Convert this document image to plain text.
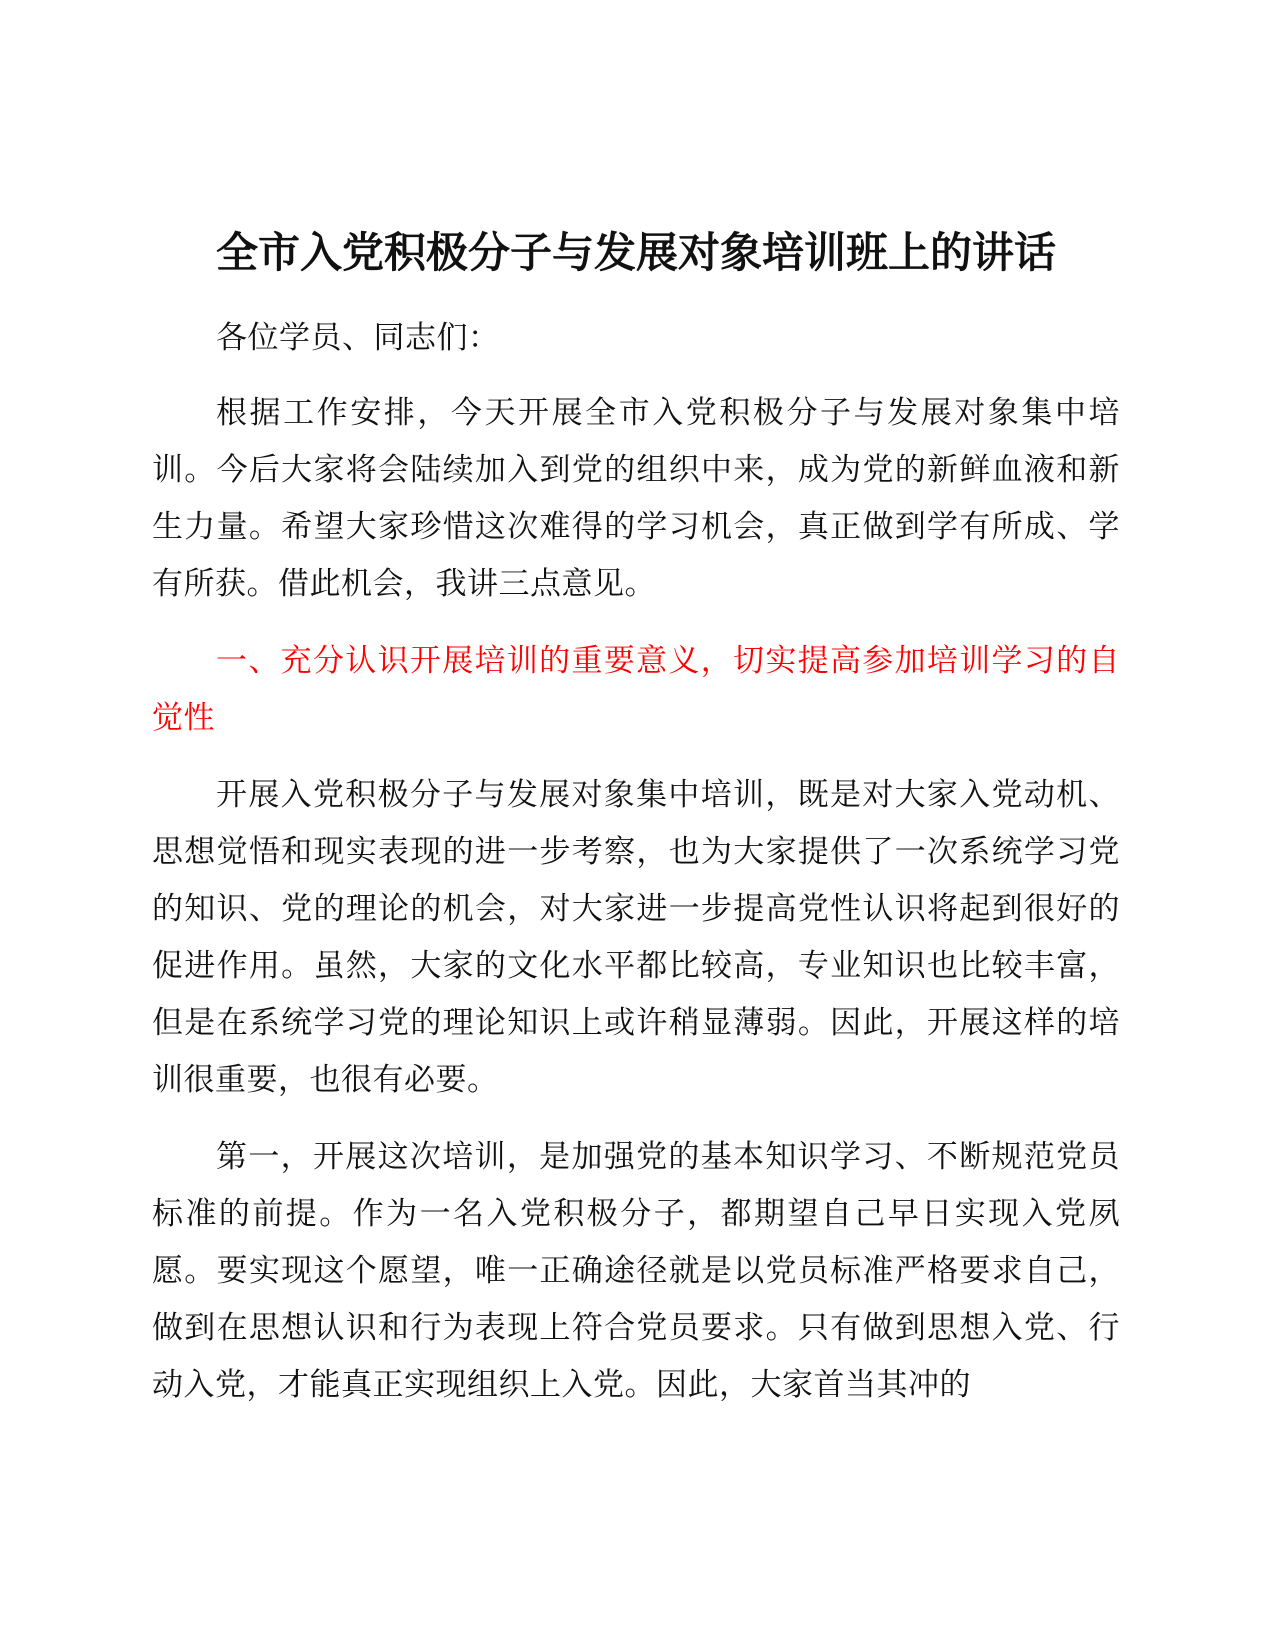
全市入党积极分子与发展对象培训班上的讲话

各位学员、同志们：

根据工作安排，今天开展全市入党积极分子与发展对象集中培训。今后大家将会陆续加入到党的组织中来，成为党的新鲜血液和新生力量。希望大家珍惜这次难得的学习机会，真正做到学有所成、学有所获。借此机会，我讲三点意见。

一、充分认识开展培训的重要意义，切实提高参加培训学习的自觉性

开展入党积极分子与发展对象集中培训，既是对大家入党动机、思想觉悟和现实表现的进一步考察，也为大家提供了一次系统学习党的知识、党的理论的机会，对大家进一步提高党性认识将起到很好的促进作用。虽然，大家的文化水平都比较高，专业知识也比较丰富，但是在系统学习党的理论知识上或许稍显薄弱。因此，开展这样的培训很重要，也很有必要。

第一，开展这次培训，是加强党的基本知识学习、不断规范党员标准的前提。作为一名入党积极分子，都期望自己早日实现入党夙愿。要实现这个愿望，唯一正确途径就是以党员标准严格要求自己，做到在思想认识和行为表现上符合党员要求。只有做到思想入党、行动入党，才能真正实现组织上入党。因此，大家首当其冲的
